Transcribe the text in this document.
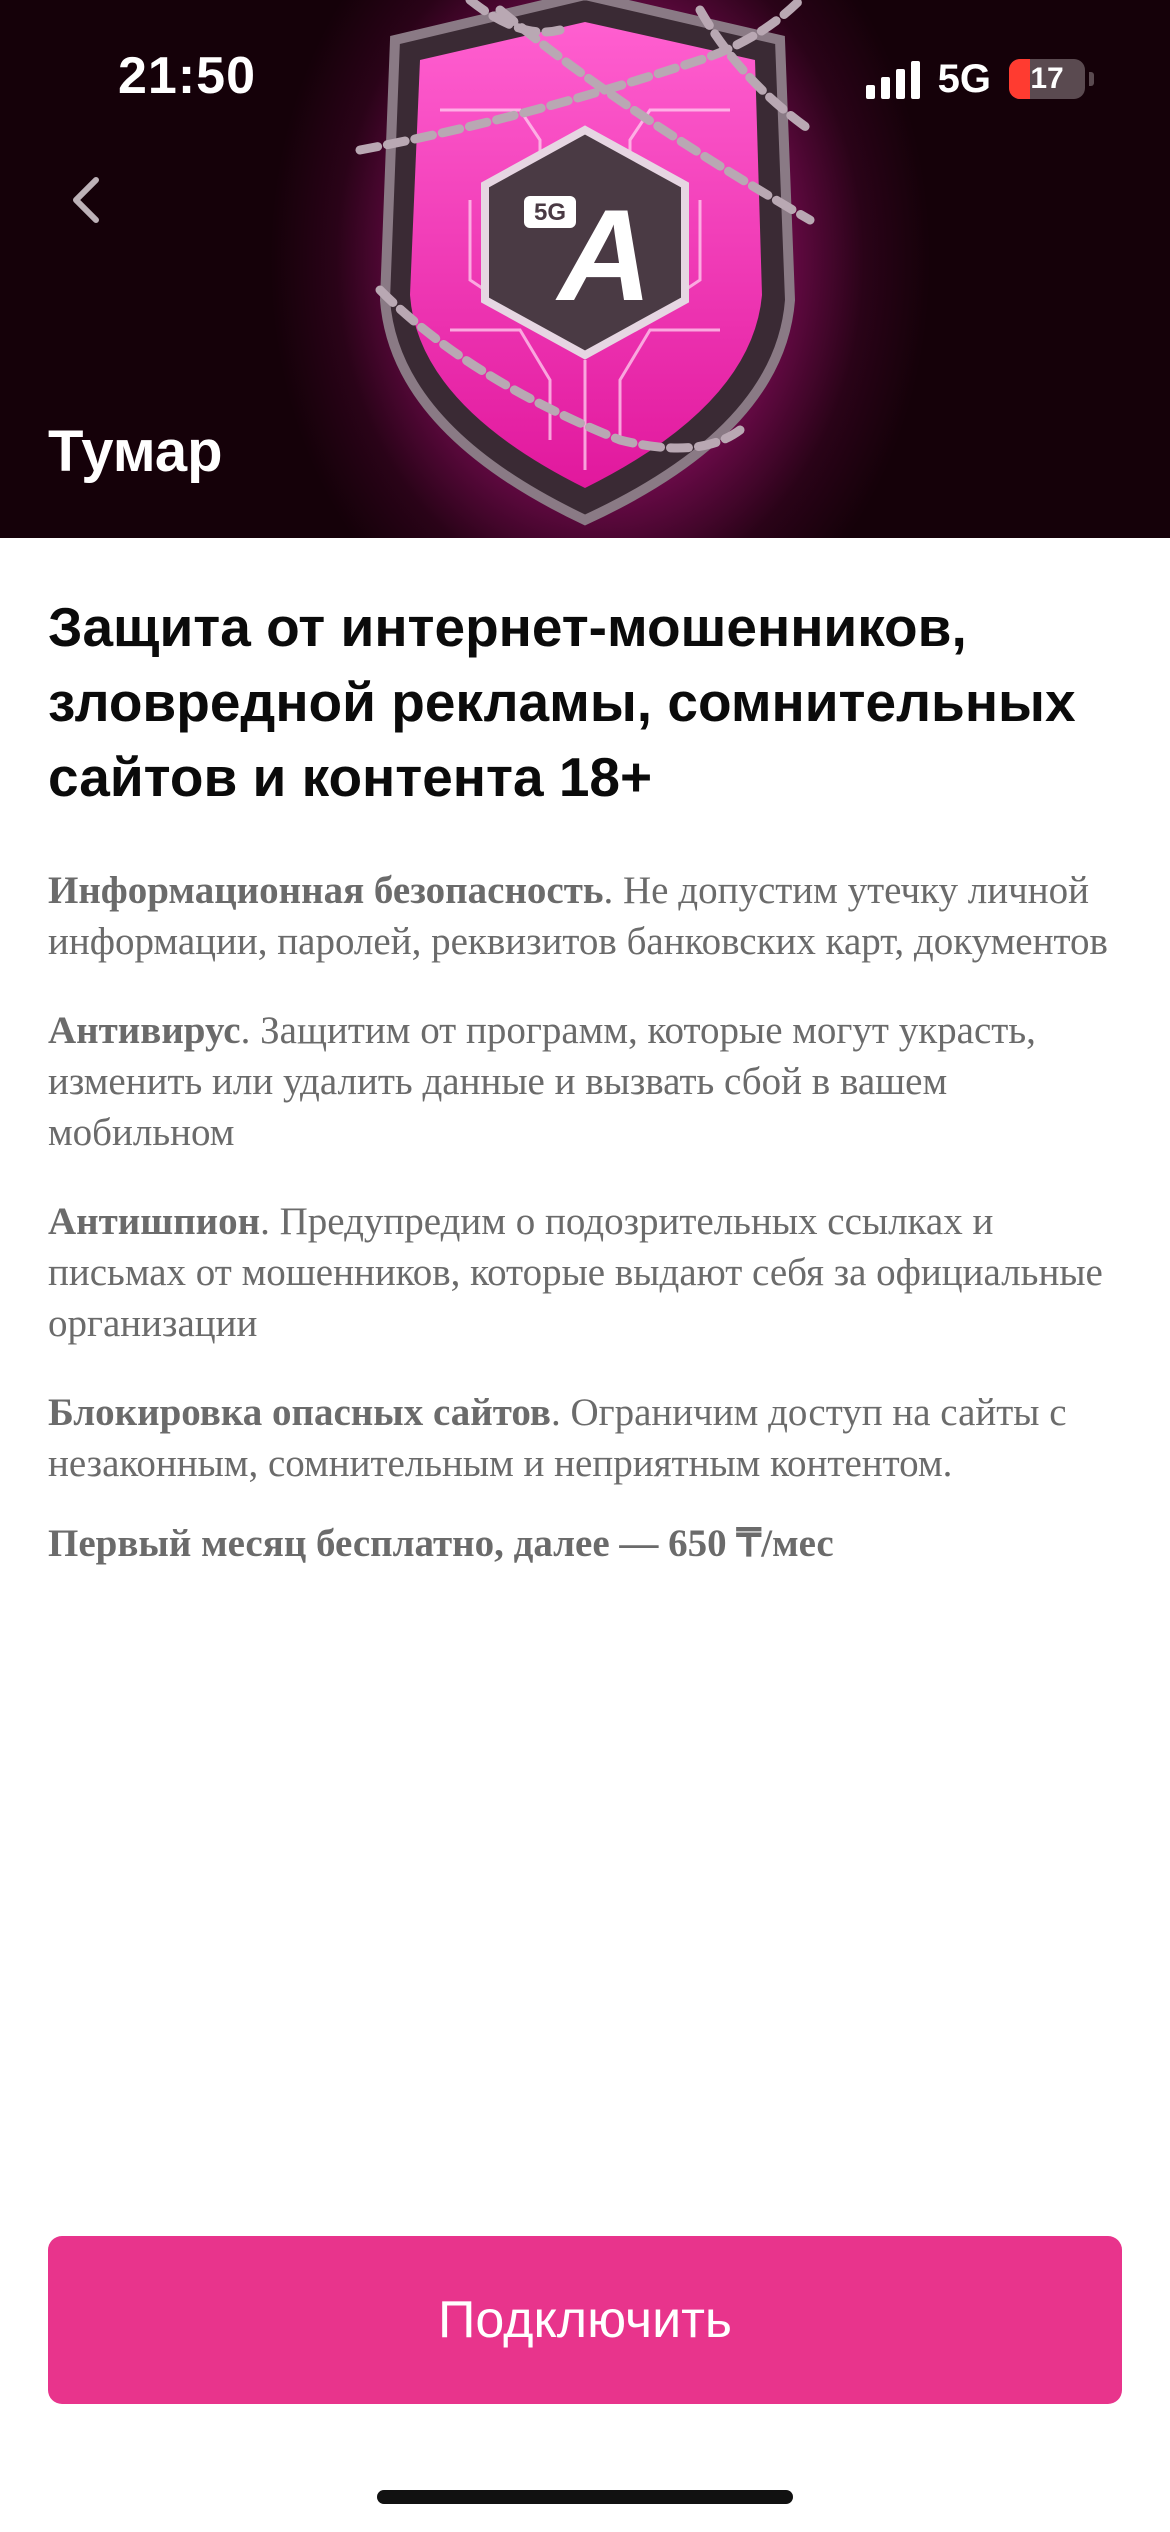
5G
A
21:50	5G 17
Тумар
Защита от интернет-мошенников, зловредной рекламы, сомнительных сайтов и контента 18+

Информационная безопасность. Не допустим утечку личной информации, паролей, реквизитов банковских карт, документов

Антивирус. Защитим от программ, которые могут украсть, изменить или удалить данные и вызвать сбой в вашем мобильном

Антишпион. Предупредим о подозрительных ссылках и письмах от мошенников, которые выдают себя за официальные организации

Блокировка опасных сайтов. Ограничим доступ на сайты с незаконным, сомнительным и неприятным контентом.

Первый месяц бесплатно, далее — 650 ₸/мес
Подключить
